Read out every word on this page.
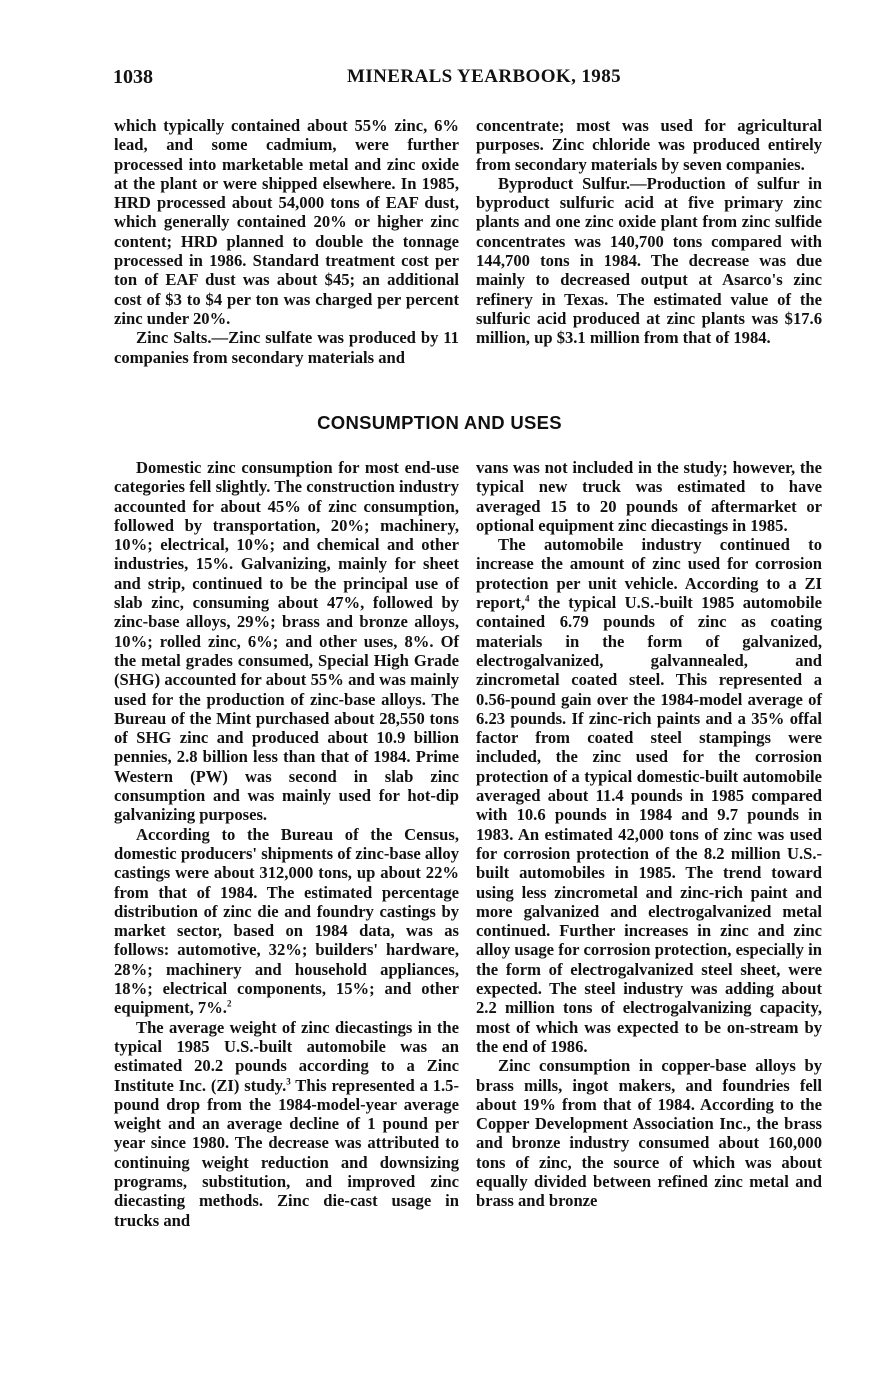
1038	MINERALS YEARBOOK, 1985

which typically contained about 55% zinc, 6% lead, and some cadmium, were further processed into marketable metal and zinc oxide at the plant or were shipped elsewhere. In 1985, HRD processed about 54,000 tons of EAF dust, which generally contained 20% or higher zinc content; HRD planned to double the tonnage processed in 1986. Standard treatment cost per ton of EAF dust was about $45; an additional cost of $3 to $4 per ton was charged per percent zinc under 20%.

Zinc Salts.—Zinc sulfate was produced by 11 companies from secondary materials and

concentrate; most was used for agricultural purposes. Zinc chloride was produced entirely from secondary materials by seven companies.

Byproduct Sulfur.—Production of sulfur in byproduct sulfuric acid at five primary zinc plants and one zinc oxide plant from zinc sulfide concentrates was 140,700 tons compared with 144,700 tons in 1984. The decrease was due mainly to decreased output at Asarco's zinc refinery in Texas. The estimated value of the sulfuric acid produced at zinc plants was $17.6 million, up $3.1 million from that of 1984.

CONSUMPTION AND USES

Domestic zinc consumption for most end-use categories fell slightly. The construction industry accounted for about 45% of zinc consumption, followed by transportation, 20%; machinery, 10%; electrical, 10%; and chemical and other industries, 15%. Galvanizing, mainly for sheet and strip, continued to be the principal use of slab zinc, consuming about 47%, followed by zinc-base alloys, 29%; brass and bronze alloys, 10%; rolled zinc, 6%; and other uses, 8%. Of the metal grades consumed, Special High Grade (SHG) accounted for about 55% and was mainly used for the production of zinc-base alloys. The Bureau of the Mint purchased about 28,550 tons of SHG zinc and produced about 10.9 billion pennies, 2.8 billion less than that of 1984. Prime Western (PW) was second in slab zinc consumption and was mainly used for hot-dip galvanizing purposes.

According to the Bureau of the Census, domestic producers' shipments of zinc-base alloy castings were about 312,000 tons, up about 22% from that of 1984. The estimated percentage distribution of zinc die and foundry castings by market sector, based on 1984 data, was as follows: automotive, 32%; builders' hardware, 28%; machinery and household appliances, 18%; electrical components, 15%; and other equipment, 7%.$^2$

The average weight of zinc diecastings in the typical 1985 U.S.-built automobile was an estimated 20.2 pounds according to a Zinc Institute Inc. (ZI) study.$^3$ This represented a 1.5-pound drop from the 1984-model-year average weight and an average decline of 1 pound per year since 1980. The decrease was attributed to continuing weight reduction and downsizing programs, substitution, and improved zinc diecasting methods. Zinc die-cast usage in trucks and

vans was not included in the study; however, the typical new truck was estimated to have averaged 15 to 20 pounds of aftermarket or optional equipment zinc diecastings in 1985.

The automobile industry continued to increase the amount of zinc used for corrosion protection per unit vehicle. According to a ZI report,$^4$ the typical U.S.-built 1985 automobile contained 6.79 pounds of zinc as coating materials in the form of galvanized, electrogalvanized, galvannealed, and zincrometal coated steel. This represented a 0.56-pound gain over the 1984-model average of 6.23 pounds. If zinc-rich paints and a 35% offal factor from coated steel stampings were included, the zinc used for the corrosion protection of a typical domestic-built automobile averaged about 11.4 pounds in 1985 compared with 10.6 pounds in 1984 and 9.7 pounds in 1983. An estimated 42,000 tons of zinc was used for corrosion protection of the 8.2 million U.S.-built automobiles in 1985. The trend toward using less zincrometal and zinc-rich paint and more galvanized and electrogalvanized metal continued. Further increases in zinc and zinc alloy usage for corrosion protection, especially in the form of electrogalvanized steel sheet, were expected. The steel industry was adding about 2.2 million tons of electrogalvanizing capacity, most of which was expected to be on-stream by the end of 1986.

Zinc consumption in copper-base alloys by brass mills, ingot makers, and foundries fell about 19% from that of 1984. According to the Copper Development Association Inc., the brass and bronze industry consumed about 160,000 tons of zinc, the source of which was about equally divided between refined zinc metal and brass and bronze
